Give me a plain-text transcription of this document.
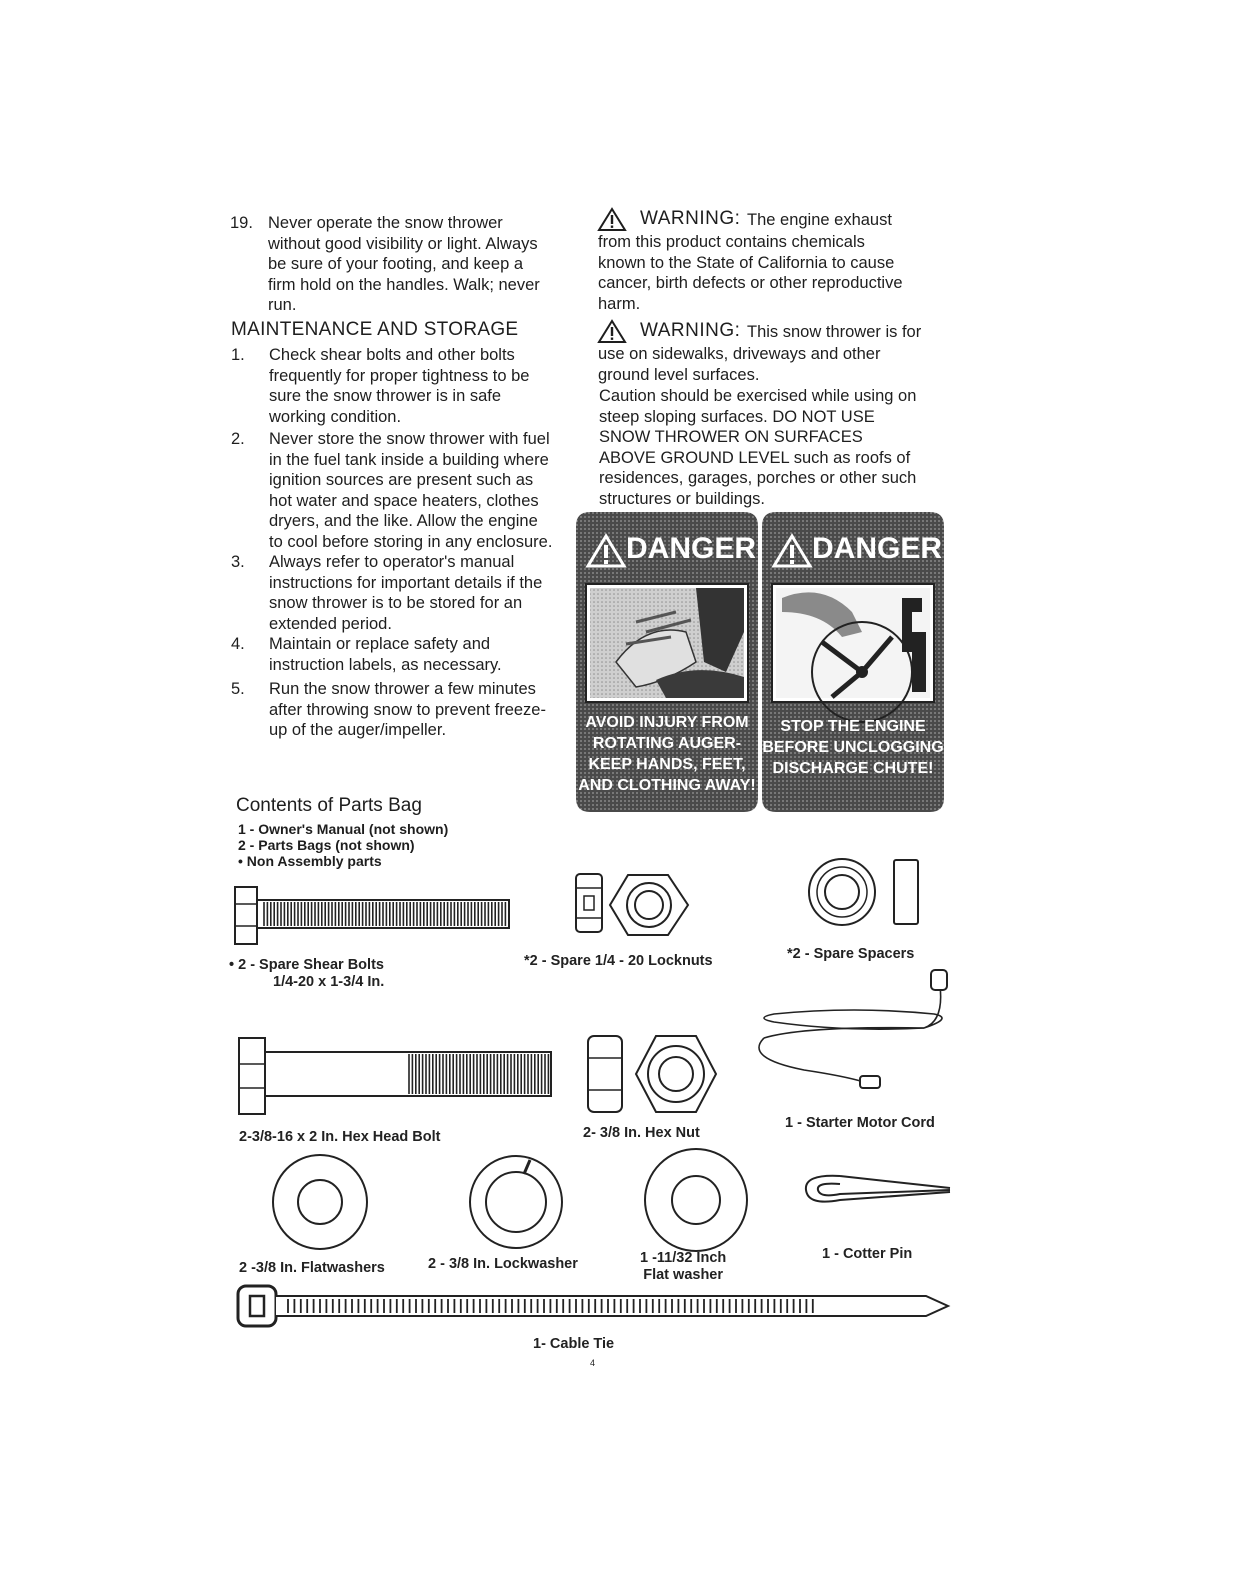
19. Never operate the snow thrower
without good visibility or light. Always
be sure of your footing, and keep a
firm hold on the handles. Walk; never
run.
MAINTENANCE AND STORAGE
1. Check shear bolts and other bolts
frequently for proper tightness to be
sure the snow thrower is in safe
working condition.
2. Never store the snow thrower with fuel
in the fuel tank inside a building where
ignition sources are present such as
hot water and space heaters, clothes
dryers, and the like. Allow the engine
to cool before storing in any enclosure.
3. Always refer to operator's manual
instructions for important details if the
snow thrower is to be stored for an
extended period.
4. Maintain or replace safety and
instruction labels, as necessary.
5. Run the snow thrower a few minutes
after throwing snow to prevent freeze-
up of the auger/impeller.
WARNING: The engine exhaust
from this product contains chemicals
known to the State of California to cause
cancer, birth defects or other reproductive
harm.
WARNING: This snow thrower is for
use on sidewalks, driveways and other
ground level surfaces.
Caution should be exercised while using on
steep sloping surfaces. DO NOT USE
SNOW THROWER ON SURFACES
ABOVE GROUND LEVEL such as roofs of
residences, garages, porches or other such
structures or buildings.
DANGER
AVOID INJURY FROM
ROTATING AUGER-
KEEP HANDS, FEET,
AND CLOTHING AWAY!
DANGER
STOP THE ENGINE
BEFORE UNCLOGGING
DISCHARGE CHUTE!
Contents of Parts Bag
1 - Owner's Manual (not shown)
2 - Parts Bags (not shown)
• Non Assembly parts
• 2 - Spare Shear Bolts
1/4-20 x 1-3/4 In.
*2 - Spare 1/4 - 20 Locknuts	*2 - Spare Spacers
2-3/8-16 x 2 In. Hex Head Bolt	2- 3/8 In. Hex Nut
1 - Starter Motor Cord
2 -3/8 In. Flatwashers	2 - 3/8 In. Lockwasher	1 -11/32 Inch
Flat washer
1 - Cotter Pin
1- Cable Tie
4
